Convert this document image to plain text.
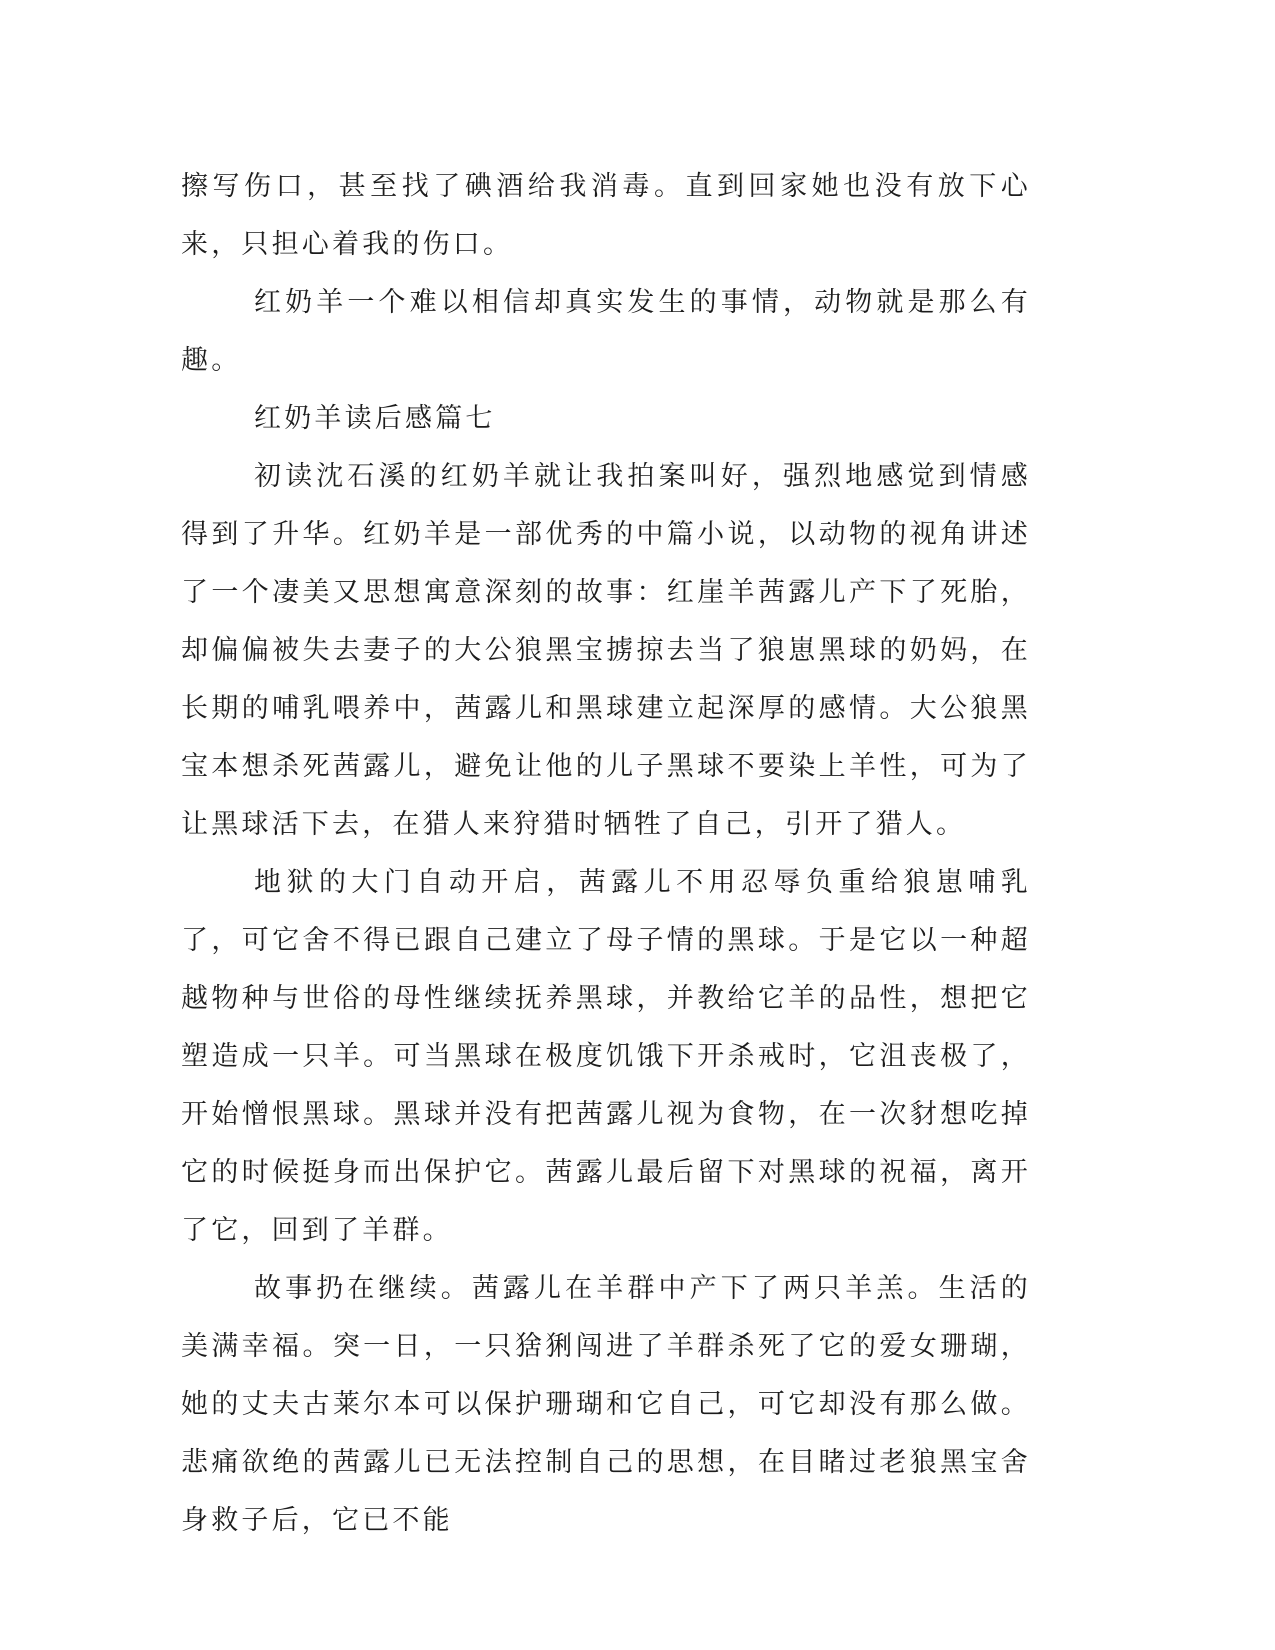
擦写伤口，甚至找了碘酒给我消毒。直到回家她也没有放下心来，只担心着我的伤口。

红奶羊一个难以相信却真实发生的事情，动物就是那么有趣。

红奶羊读后感篇七

初读沈石溪的红奶羊就让我拍案叫好，强烈地感觉到情感得到了升华。红奶羊是一部优秀的中篇小说，以动物的视角讲述了一个凄美又思想寓意深刻的故事：红崖羊茜露儿产下了死胎，却偏偏被失去妻子的大公狼黑宝掳掠去当了狼崽黑球的奶妈，在长期的哺乳喂养中，茜露儿和黑球建立起深厚的感情。大公狼黑宝本想杀死茜露儿，避免让他的儿子黑球不要染上羊性，可为了让黑球活下去，在猎人来狩猎时牺牲了自己，引开了猎人。

地狱的大门自动开启，茜露儿不用忍辱负重给狼崽哺乳了，可它舍不得已跟自己建立了母子情的黑球。于是它以一种超越物种与世俗的母性继续抚养黑球，并教给它羊的品性，想把它塑造成一只羊。可当黑球在极度饥饿下开杀戒时，它沮丧极了，开始憎恨黑球。黑球并没有把茜露儿视为食物，在一次豺想吃掉它的时候挺身而出保护它。茜露儿最后留下对黑球的祝福，离开了它，回到了羊群。

故事扔在继续。茜露儿在羊群中产下了两只羊羔。生活的美满幸福。突一日，一只猞猁闯进了羊群杀死了它的爱女珊瑚，她的丈夫古莱尔本可以保护珊瑚和它自己，可它却没有那么做。悲痛欲绝的茜露儿已无法控制自己的思想，在目睹过老狼黑宝舍身救子后，它已不能
